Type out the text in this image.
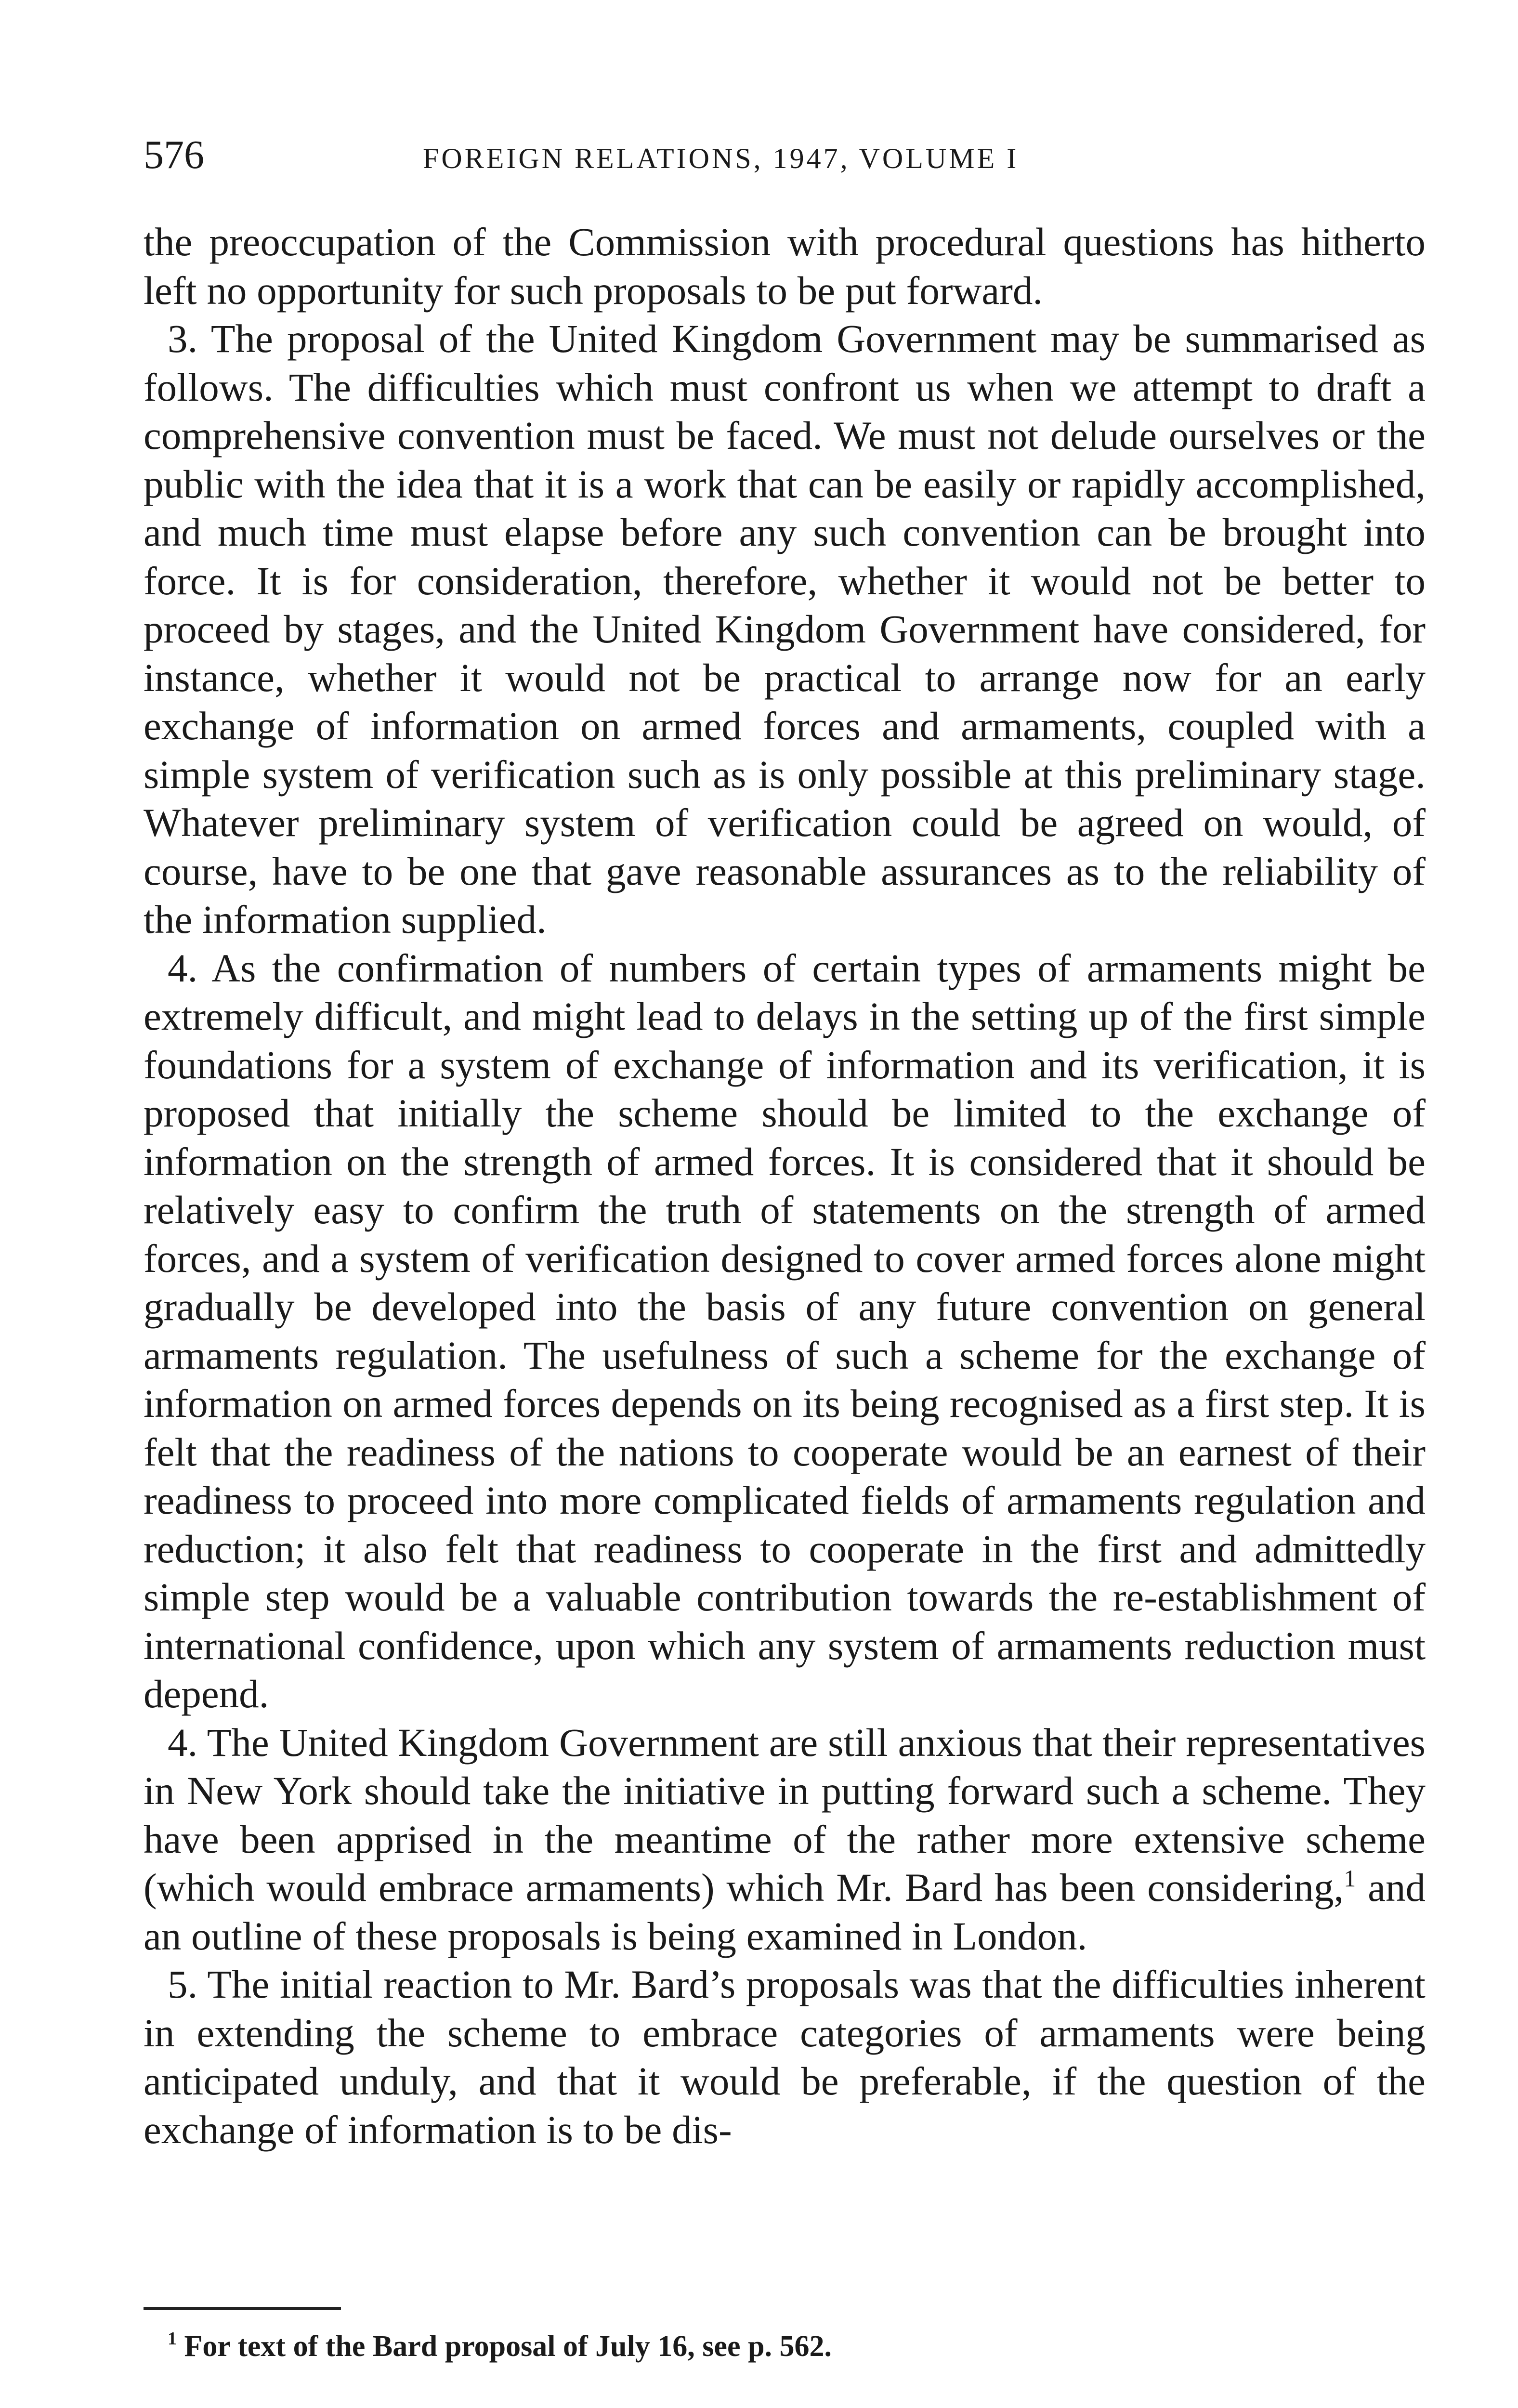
576	FOREIGN RELATIONS, 1947, VOLUME I

the preoccupation of the Commission with procedural questions has hitherto left no opportunity for such proposals to be put forward.

3. The proposal of the United Kingdom Government may be summarised as follows. The difficulties which must confront us when we attempt to draft a comprehensive convention must be faced. We must not delude ourselves or the public with the idea that it is a work that can be easily or rapidly accomplished, and much time must elapse before any such convention can be brought into force. It is for consideration, therefore, whether it would not be better to proceed by stages, and the United Kingdom Government have considered, for instance, whether it would not be practical to arrange now for an early exchange of information on armed forces and armaments, coupled with a simple system of verification such as is only possible at this preliminary stage. Whatever preliminary system of verification could be agreed on would, of course, have to be one that gave reasonable assurances as to the reliability of the information supplied.

4. As the confirmation of numbers of certain types of armaments might be extremely difficult, and might lead to delays in the setting up of the first simple foundations for a system of exchange of information and its verification, it is proposed that initially the scheme should be limited to the exchange of information on the strength of armed forces. It is considered that it should be relatively easy to confirm the truth of statements on the strength of armed forces, and a system of verification designed to cover armed forces alone might gradually be developed into the basis of any future convention on general armaments regulation. The usefulness of such a scheme for the exchange of information on armed forces depends on its being recognised as a first step. It is felt that the readiness of the nations to cooperate would be an earnest of their readiness to proceed into more complicated fields of armaments regulation and reduction; it also felt that readiness to cooperate in the first and admittedly simple step would be a valuable contribution towards the re-establishment of international confidence, upon which any system of armaments reduction must depend.

4. The United Kingdom Government are still anxious that their representatives in New York should take the initiative in putting forward such a scheme. They have been apprised in the meantime of the rather more extensive scheme (which would embrace armaments) which Mr. Bard has been considering,$^1$ and an outline of these proposals is being examined in London.

5. The initial reaction to Mr. Bard’s proposals was that the difficulties inherent in extending the scheme to embrace categories of armaments were being anticipated unduly, and that it would be preferable, if the question of the exchange of information is to be dis-

$^1$ For text of the Bard proposal of July 16, see p. 562.
